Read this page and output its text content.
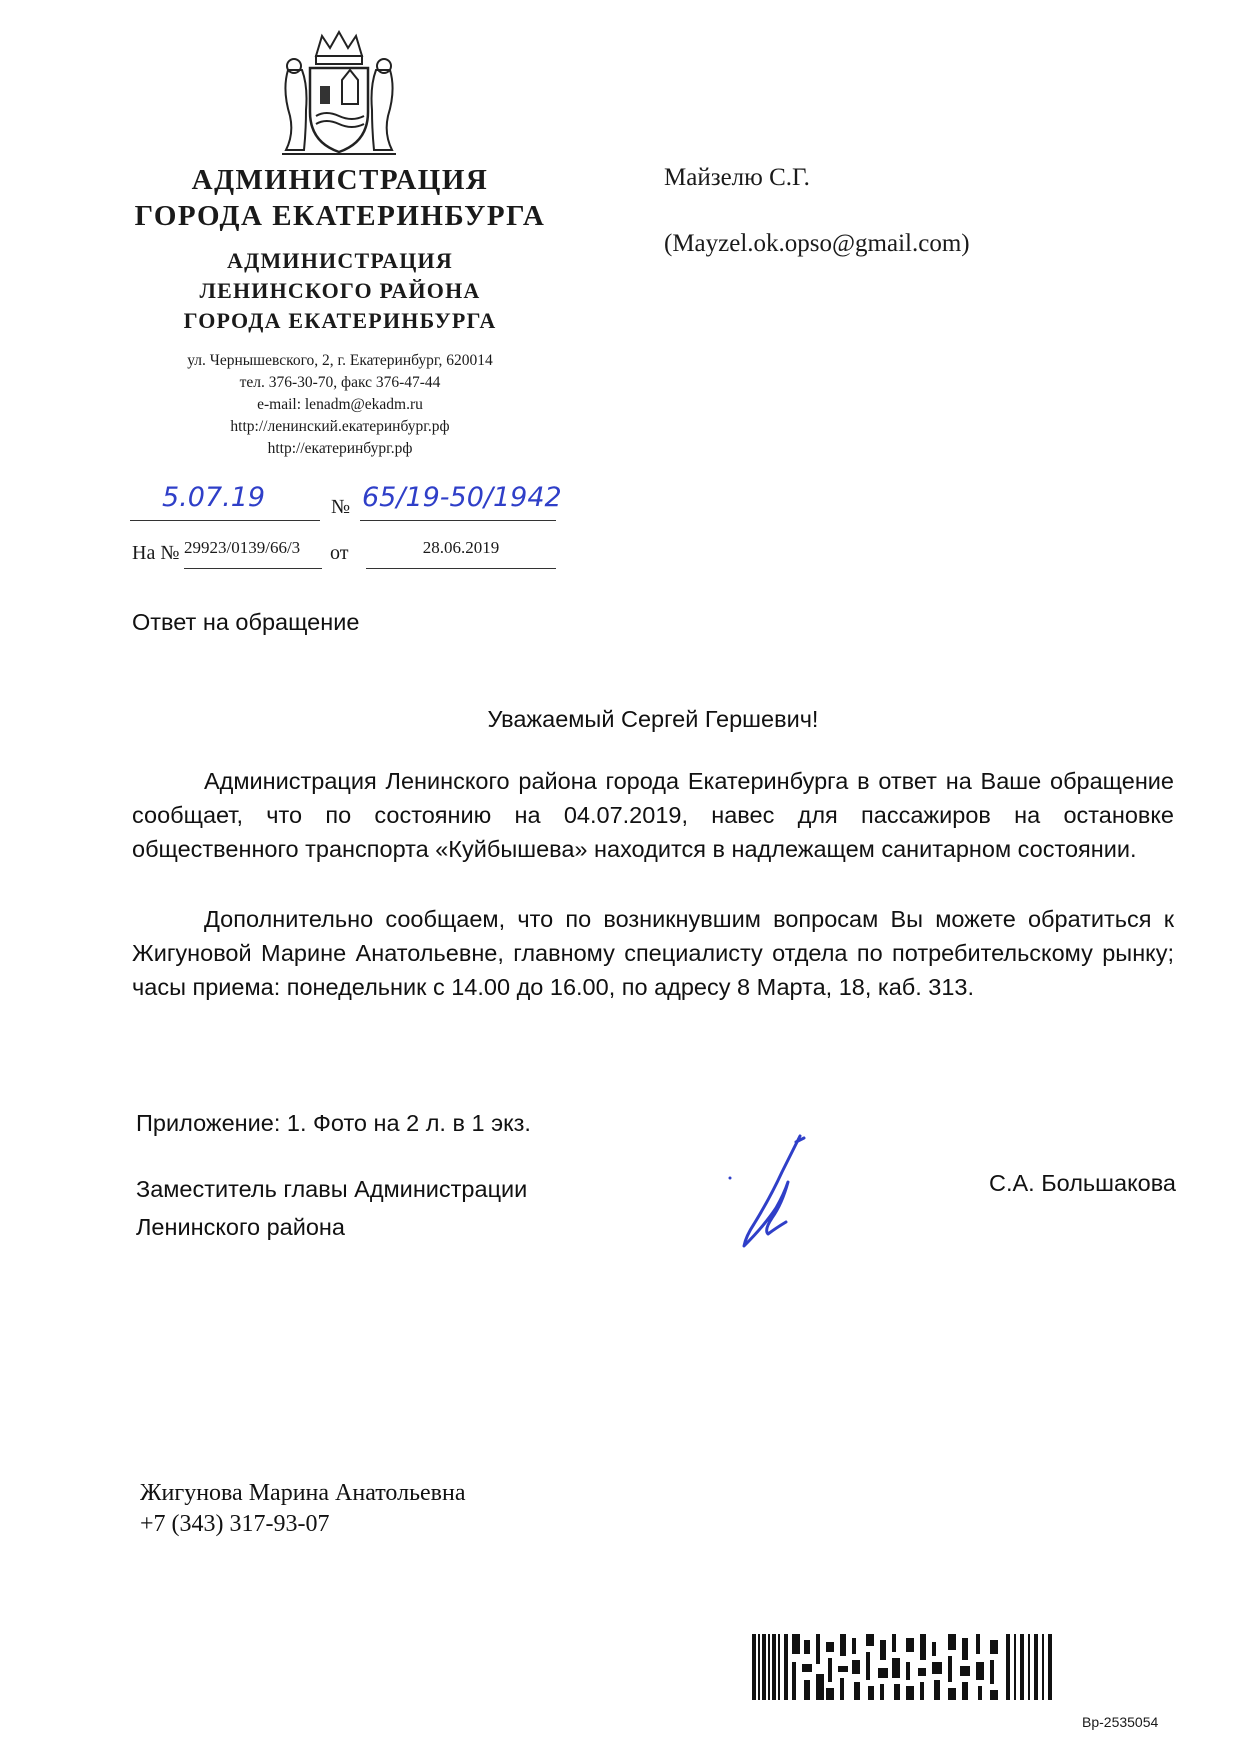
АДМИНИСТРАЦИЯ
ГОРОДА ЕКАТЕРИНБУРГА
АДМИНИСТРАЦИЯ
ЛЕНИНСКОГО РАЙОНА
ГОРОДА ЕКАТЕРИНБУРГА
ул. Чернышевского, 2, г. Екатеринбург, 620014
тел. 376-30-70, факс 376-47-44
e-mail: lenadm@ekadm.ru
http://ленинский.екатеринбург.рф
http://екатеринбург.рф
Майзелю С.Г.
(Mayzel.ok.opso@gmail.com)
5.07.19	№ 65/19-50/1942
На № 29923/0139/66/3	от	28.06.2019
Ответ на обращение
Уважаемый Сергей Гершевич!
Администрация Ленинского района города Екатеринбурга в ответ на Ваше обращение сообщает, что по состоянию на 04.07.2019, навес для пассажиров на остановке общественного транспорта «Куйбышева» находится в надлежащем санитарном состоянии.
Дополнительно сообщаем, что по возникнувшим вопросам Вы можете обратиться к Жигуновой Марине Анатольевне, главному специалисту отдела по потребительскому рынку; часы приема: понедельник с 14.00 до 16.00, по адресу 8 Марта, 18, каб. 313.
Приложение: 1. Фото на 2 л. в 1 экз.
Заместитель главы Администрации
Ленинского района
С.А. Большакова
Жигунова Марина Анатольевна
+7 (343) 317-93-07
Вр-2535054
